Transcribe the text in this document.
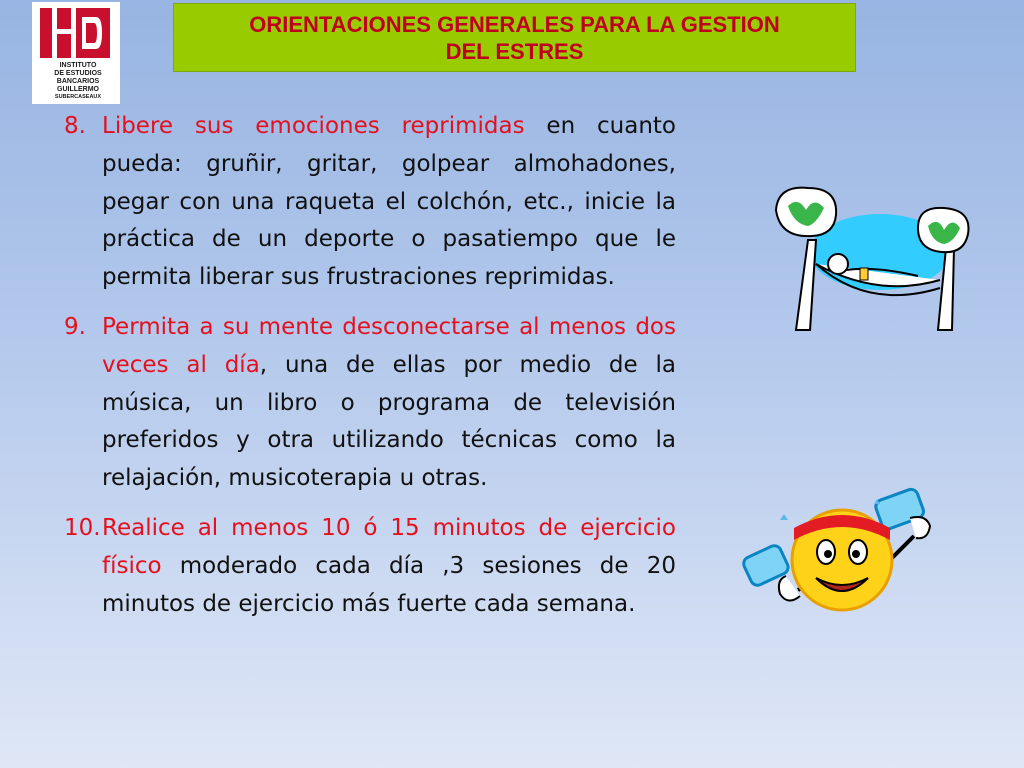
INSTITUTO
DE ESTUDIOS
BANCARIOS
GUILLERMO
SUBERCASEAUX
ORIENTACIONES GENERALES PARA LA GESTION
DEL ESTRES
8. Libere sus emociones reprimidas en cuanto pueda: gruñir, gritar, golpear almohadones, pegar con una raqueta el colchón, etc., inicie la práctica de un deporte o pasatiempo que le permita liberar sus frustraciones reprimidas.
9. Permita a su mente desconectarse al menos dos veces al día, una de ellas por medio de la música, un libro o programa de televisión preferidos y otra utilizando técnicas como la relajación, musicoterapia u otras.
10. Realice al menos 10 ó 15 minutos de ejercicio físico moderado cada día ,3 sesiones de 20 minutos de ejercicio más fuerte cada semana.
